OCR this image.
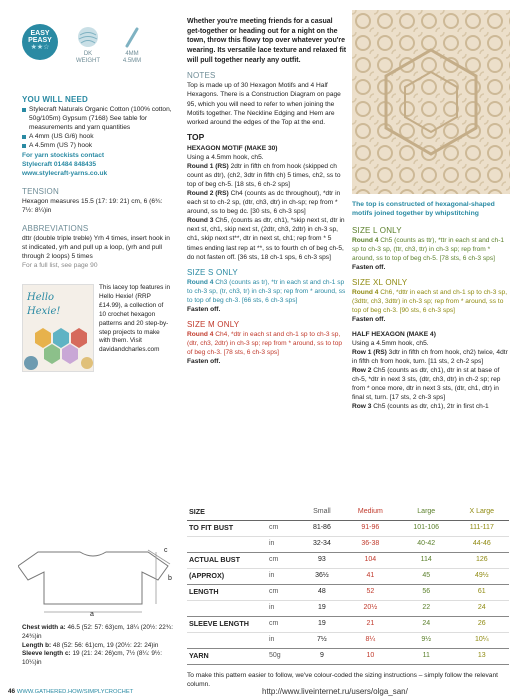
EASY
PEASY
★★☆
DK
WEIGHT
4MM
4.5MM
YOU WILL NEED
Stylecraft Naturals Organic Cotton (100% cotton, 50g/105m) Gypsum (7168) See table for measurements and yarn quantities
A 4mm (US G/6) hook
A 4.5mm (US 7) hook
For yarn stockists contact
Stylecraft 01484 848435
www.stylecraft-yarns.co.uk
TENSION
Hexagon measures 15.5 (17: 19: 21) cm, 6 (6¾: 7½: 8¼)in
ABBREVIATIONS
dttr (double triple treble) Yrh 4 times, insert hook in st indicated, yrh and pull up a loop, (yrh and pull through 2 loops) 5 times
For a full list, see page 90
Hello Hexie!
This lacey top features in Hello Hexie! (RRP £14.99), a collection of 10 crochet hexagon patterns and 20 step-by-step projects to make with them. Visit davidandcharles.com

Whether you're meeting friends for a casual get-together or heading out for a night on the town, throw this flowy top over whatever you're wearing. Its versatile lace texture and relaxed fit will pull together nearly any outfit.

NOTES

Top is made up of 30 Hexagon Motifs and 4 Half Hexagons. There is a Construction Diagram on page 95, which you will need to refer to when joining the Motifs together. The Neckline Edging and Hem are worked around the edges of the Top at the end.

TOP
HEXAGON MOTIF (MAKE 30)
Using a 4.5mm hook, ch5.
Round 1 (RS) 2dtr in fifth ch from hook (skipped ch count as dtr), (ch2, 3dtr in fifth ch) 5 times, ch2, ss to top of beg ch-5. [18 sts, 6 ch-2 sps]
Round 2 (RS) Ch4 (counts as dc throughout), *dtr in each st to ch-2 sp, (dtr, ch3, dtr) in ch-sp; rep from * around, ss to beg dc. [30 sts, 6 ch-3 sps]

Round 3 Ch5, (counts as dtr, ch1), *skip next st, dtr in next st, ch1, skip next st, (2dtr, ch3, 2dtr) in ch-3 sp, ch1, skip next st**, dtr in next st, ch1; rep from * 5 times ending last rep at **, ss to fourth ch of beg ch-5, do not fasten off. [36 sts, 18 ch-1 sps, 6 ch-3 sps]

SIZE S ONLY
Round 4 Ch3 (counts as tr), *tr in each st and ch-1 sp to ch-3 sp, (tr, ch3, tr) in ch-3 sp; rep from * around, ss to top of beg ch-3. [66 sts, 6 ch-3 sps]

Fasten off.

SIZE M ONLY
Round 4 Ch4, *dtr in each st and ch-1 sp to ch-3 sp, (dtr, ch3, 2dtr) in ch-3 sp; rep from * around, ss to top of beg ch-3. [78 sts, 6 ch-3 sps]

Fasten off.

The top is constructed of hexagonal-shaped motifs joined together by whipstitching

SIZE L ONLY
Round 4 Ch5 (counts as ttr), *ttr in each st and ch-1 sp to ch-3 sp, (ttr, ch3, ttr) in ch-3 sp; rep from * around, ss to top of beg ch-5. [78 sts, 6 ch-3 sps]

Fasten off.

SIZE XL ONLY
Round 4 Ch6, *dttr in each st and ch-1 sp to ch-3 sp, (3dttr, ch3, 3dttr) in ch-3 sp; rep from * around, ss to top of beg ch-3. [90 sts, 6 ch-3 sps]

Fasten off.

HALF HEXAGON (MAKE 4)
Using a 4.5mm hook, ch5.
Row 1 (RS) 3dtr in fifth ch from hook, ch2) twice, 4dtr in fifth ch from hook, turn. [11 sts, 2 ch-2 sps]
Row 2 Ch5 (counts as dtr, ch1), dtr in st at base of ch-5, *dtr in next 3 sts, (dtr, ch3, dtr) in ch-2 sp; rep from * once more, dtr in next 3 sts, (dtr, ch1, dtr) in final st, turn. [17 sts, 2 ch-3 sps]
Row 3 Ch5 (counts as dtr, ch1), 2tr in first ch-1
a
b
c
Chest width a: 46.5 (52: 57: 63)cm, 18¼ (20½: 22¾: 24¾)in
Length b: 48 (52: 56: 61)cm, 19 (20½: 22: 24)in
Sleeve length c: 19 (21: 24: 26)cm, 7½ (8¼: 9½: 10¼)in
SIZE		Small	Medium	Large	X Large
TO FIT BUST	cm	81-86	91-96	101-106	111-117
	in	32-34	36-38	40-42	44-46
ACTUAL BUST	cm	93	104	114	126
(APPROX)	in	36½	41	45	49½
LENGTH	cm	48	52	56	61
	in	19	20½	22	24
SLEEVE LENGTH	cm	19	21	24	26
	in	7½	8¼	9½	10¼
YARN	50g	9	10	11	13
To make this pattern easier to follow, we've colour-coded the sizing instructions – simply follow the relevant column.
46 WWW.GATHERED.HOW/SIMPLYCROCHET	http://www.liveinternet.ru/users/olga_san/
